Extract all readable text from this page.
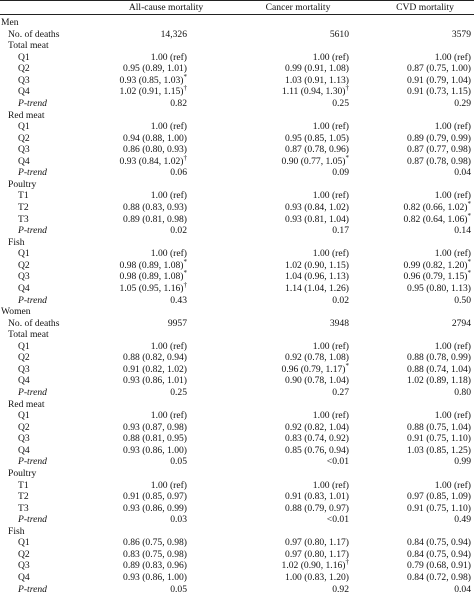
All-cause mortality	Cancer mortality	CVD mortality
Men
No. of deaths	14,326	5610	3579
Total meat
Q1	1.00 (ref)	1.00 (ref)	1.00 (ref)
Q2	0.95 (0.89, 1.01)	0.99 (0.91, 1.08)	0.87 (0.75, 1.00)
Q3	0.93 (0.85, 1.03)*	1.03 (0.91, 1.13)	0.91 (0.79, 1.04)
Q4	1.02 (0.91, 1.15)†	1.11 (0.94, 1.30)†	0.91 (0.73, 1.15)
P-trend	0.82	0.25	0.29
Red meat
Q1	1.00 (ref)	1.00 (ref)	1.00 (ref)
Q2	0.94 (0.88, 1.00)	0.95 (0.85, 1.05)	0.89 (0.79, 0.99)
Q3	0.86 (0.80, 0.93)	0.87 (0.78, 0.96)	0.87 (0.77, 0.98)
Q4	0.93 (0.84, 1.02)†	0.90 (0.77, 1.05)*	0.87 (0.78, 0.98)
P-trend	0.06	0.09	0.04
Poultry
T1	1.00 (ref)	1.00 (ref)	1.00 (ref)
T2	0.88 (0.83, 0.93)	0.93 (0.84, 1.02)	0.82 (0.66, 1.02)*
T3	0.89 (0.81, 0.98)	0.93 (0.81, 1.04)	0.82 (0.64, 1.06)*
P-trend	0.02	0.17	0.14
Fish
Q1	1.00 (ref)	1.00 (ref)	1.00 (ref)
Q2	0.98 (0.89, 1.08)*	1.02 (0.90, 1.15)	0.99 (0.82, 1.20)*
Q3	0.98 (0.89, 1.08)*	1.04 (0.96, 1.13)	0.96 (0.79, 1.15)*
Q4	1.05 (0.95, 1.16)†	1.14 (1.04, 1.26)	0.95 (0.80, 1.13)
P-trend	0.43	0.02	0.50
Women
No. of deaths	9957	3948	2794
Total meat
Q1	1.00 (ref)	1.00 (ref)	1.00 (ref)
Q2	0.88 (0.82, 0.94)	0.92 (0.78, 1.08)	0.88 (0.78, 0.99)
Q3	0.91 (0.82, 1.02)	0.96 (0.79, 1.17)*	0.88 (0.74, 1.04)
Q4	0.93 (0.86, 1.01)	0.90 (0.78, 1.04)	1.02 (0.89, 1.18)
P-trend	0.25	0.27	0.80
Red meat
Q1	1.00 (ref)	1.00 (ref)	1.00 (ref)
Q2	0.93 (0.87, 0.98)	0.92 (0.82, 1.04)	0.88 (0.75, 1.04)
Q3	0.88 (0.81, 0.95)	0.83 (0.74, 0.92)	0.91 (0.75, 1.10)
Q4	0.93 (0.86, 1.00)	0.85 (0.76, 0.94)	1.03 (0.85, 1.25)
P-trend	0.05	<0.01	0.99
Poultry
T1	1.00 (ref)	1.00 (ref)	1.00 (ref)
T2	0.91 (0.85, 0.97)	0.91 (0.83, 1.01)	0.97 (0.85, 1.09)
T3	0.93 (0.86, 0.99)	0.88 (0.79, 0.97)	0.91 (0.75, 1.10)
P-trend	0.03	<0.01	0.49
Fish
Q1	0.86 (0.75, 0.98)	0.97 (0.80, 1.17)	0.84 (0.75, 0.94)
Q2	0.83 (0.75, 0.98)	0.97 (0.80, 1.17)	0.84 (0.75, 0.94)
Q3	0.89 (0.83, 0.96)	1.02 (0.90, 1.16)†	0.79 (0.68, 0.91)
Q4	0.93 (0.86, 1.00)	1.00 (0.83, 1.20)	0.84 (0.72, 0.98)
P-trend	0.05	0.92	0.04
